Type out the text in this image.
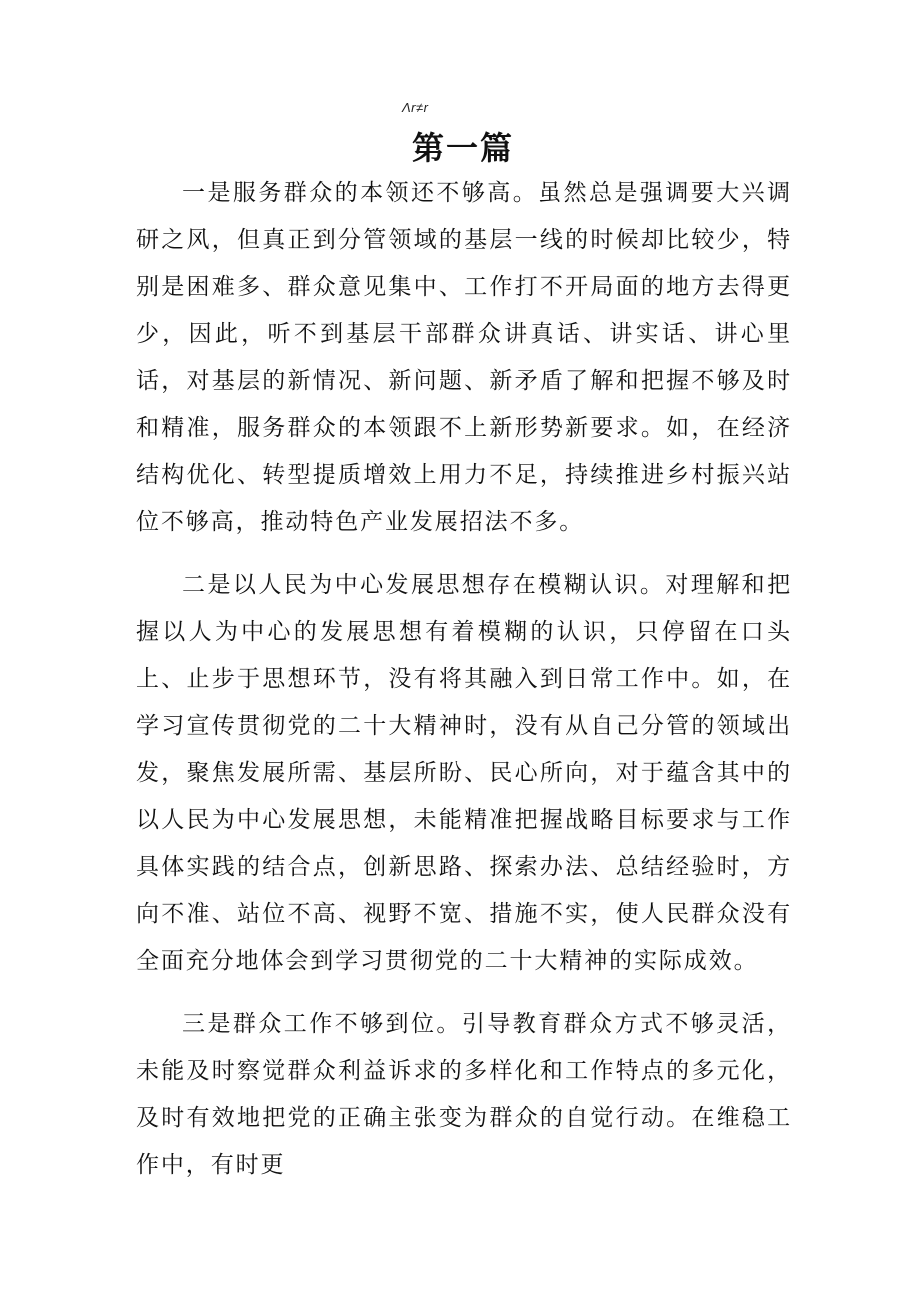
Λr≠r
第一篇

一是服务群众的本领还不够高。虽然总是强调要大兴调研之风，但真正到分管领域的基层一线的时候却比较少，特别是困难多、群众意见集中、工作打不开局面的地方去得更少，因此，听不到基层干部群众讲真话、讲实话、讲心里话，对基层的新情况、新问题、新矛盾了解和把握不够及时和精准，服务群众的本领跟不上新形势新要求。如，在经济结构优化、转型提质增效上用力不足，持续推进乡村振兴站位不够高，推动特色产业发展招法不多。

二是以人民为中心发展思想存在模糊认识。对理解和把握以人为中心的发展思想有着模糊的认识，只停留在口头上、止步于思想环节，没有将其融入到日常工作中。如，在学习宣传贯彻党的二十大精神时，没有从自己分管的领域出发，聚焦发展所需、基层所盼、民心所向，对于蕴含其中的以人民为中心发展思想，未能精准把握战略目标要求与工作具体实践的结合点，创新思路、探索办法、总结经验时，方向不准、站位不高、视野不宽、措施不实，使人民群众没有全面充分地体会到学习贯彻党的二十大精神的实际成效。

三是群众工作不够到位。引导教育群众方式不够灵活，未能及时察觉群众利益诉求的多样化和工作特点的多元化，及时有效地把党的正确主张变为群众的自觉行动。在维稳工作中，有时更
